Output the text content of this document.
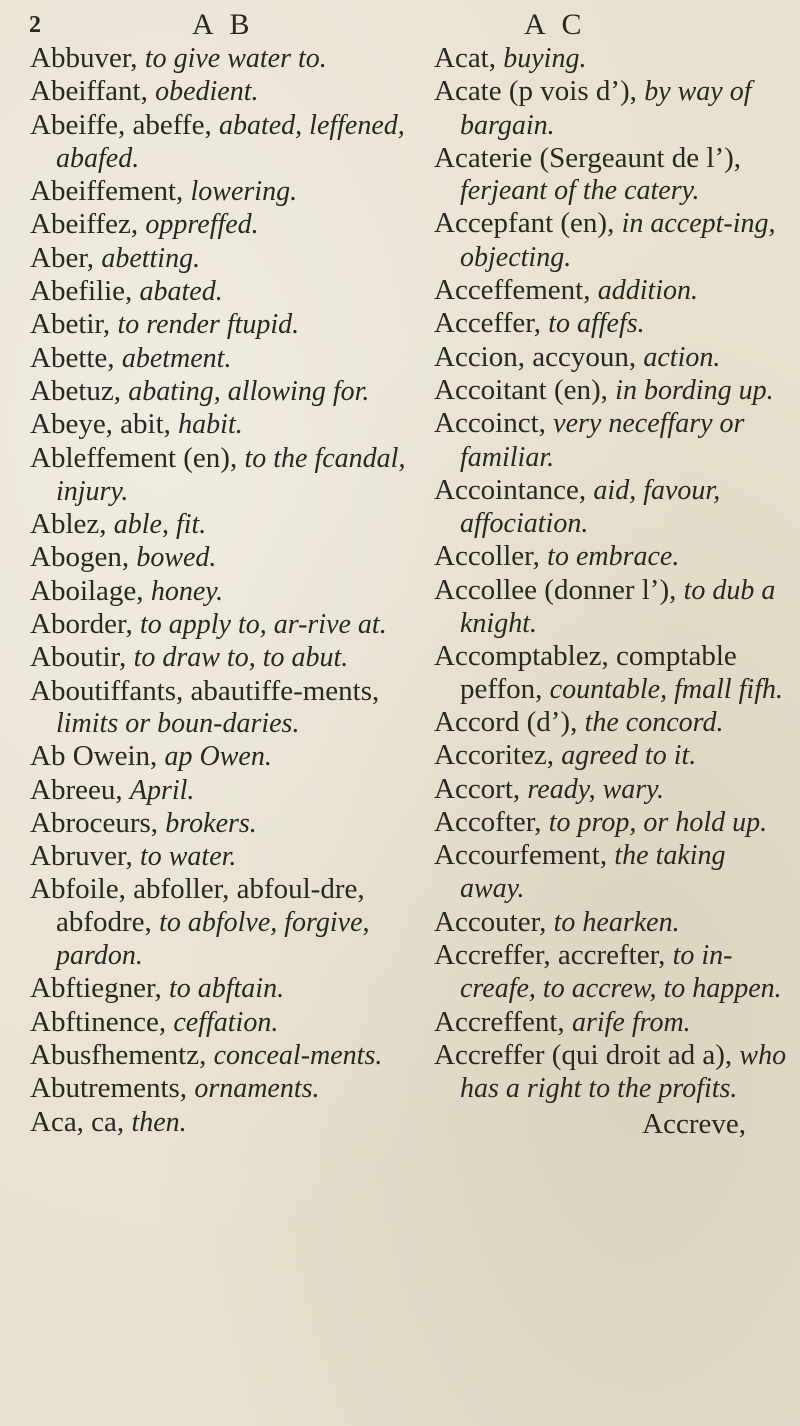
2	A B	A C

Abbuver, to give water to.

Abeiffant, obedient.

Abeiffe, abeffe, abated, leffened, abafed.

Abeiffement, lowering.

Abeiffez, oppreffed.

Aber, abetting.

Abefilie, abated.

Abetir, to render ftupid.

Abette, abetment.

Abetuz, abating, allowing for.

Abeye, abit, habit.

Ableffement (en), to the fcandal, injury.

Ablez, able, fit.

Abogen, bowed.

Aboilage, honey.

Aborder, to apply to, ar-rive at.

Aboutir, to draw to, to abut.

Aboutiffants, abautiffe-ments, limits or boun-daries.

Ab Owein, ap Owen.

Abreeu, April.

Abroceurs, brokers.

Abruver, to water.

Abfoile, abfoller, abfoul-dre, abfodre, to abfolve, forgive, pardon.

Abftiegner, to abftain.

Abftinence, ceffation.

Abusfhementz, conceal-ments.

Abutrements, ornaments.

Aca, ca, then.

Acat, buying.

Acate (p vois d’), by way of bargain.

Acaterie (Sergeaunt de l’), ferjeant of the catery.

Accepfant (en), in accept-ing, objecting.

Acceffement, addition.

Acceffer, to affefs.

Accion, accyoun, action.

Accoitant (en), in bording up.

Accoinct, very neceffary or familiar.

Accointance, aid, favour, affociation.

Accoller, to embrace.

Accollee (donner l’), to dub a knight.

Accomptablez, comptable peffon, countable, fmall fifh.

Accord (d’), the concord.

Accoritez, agreed to it.

Accort, ready, wary.

Accofter, to prop, or hold up.

Accourfement, the taking away.

Accouter, to hearken.

Accreffer, accrefter, to in-creafe, to accrew, to happen.

Accreffent, arife from.

Accreffer (qui droit ad a), who has a right to the profits.

Accreve,
